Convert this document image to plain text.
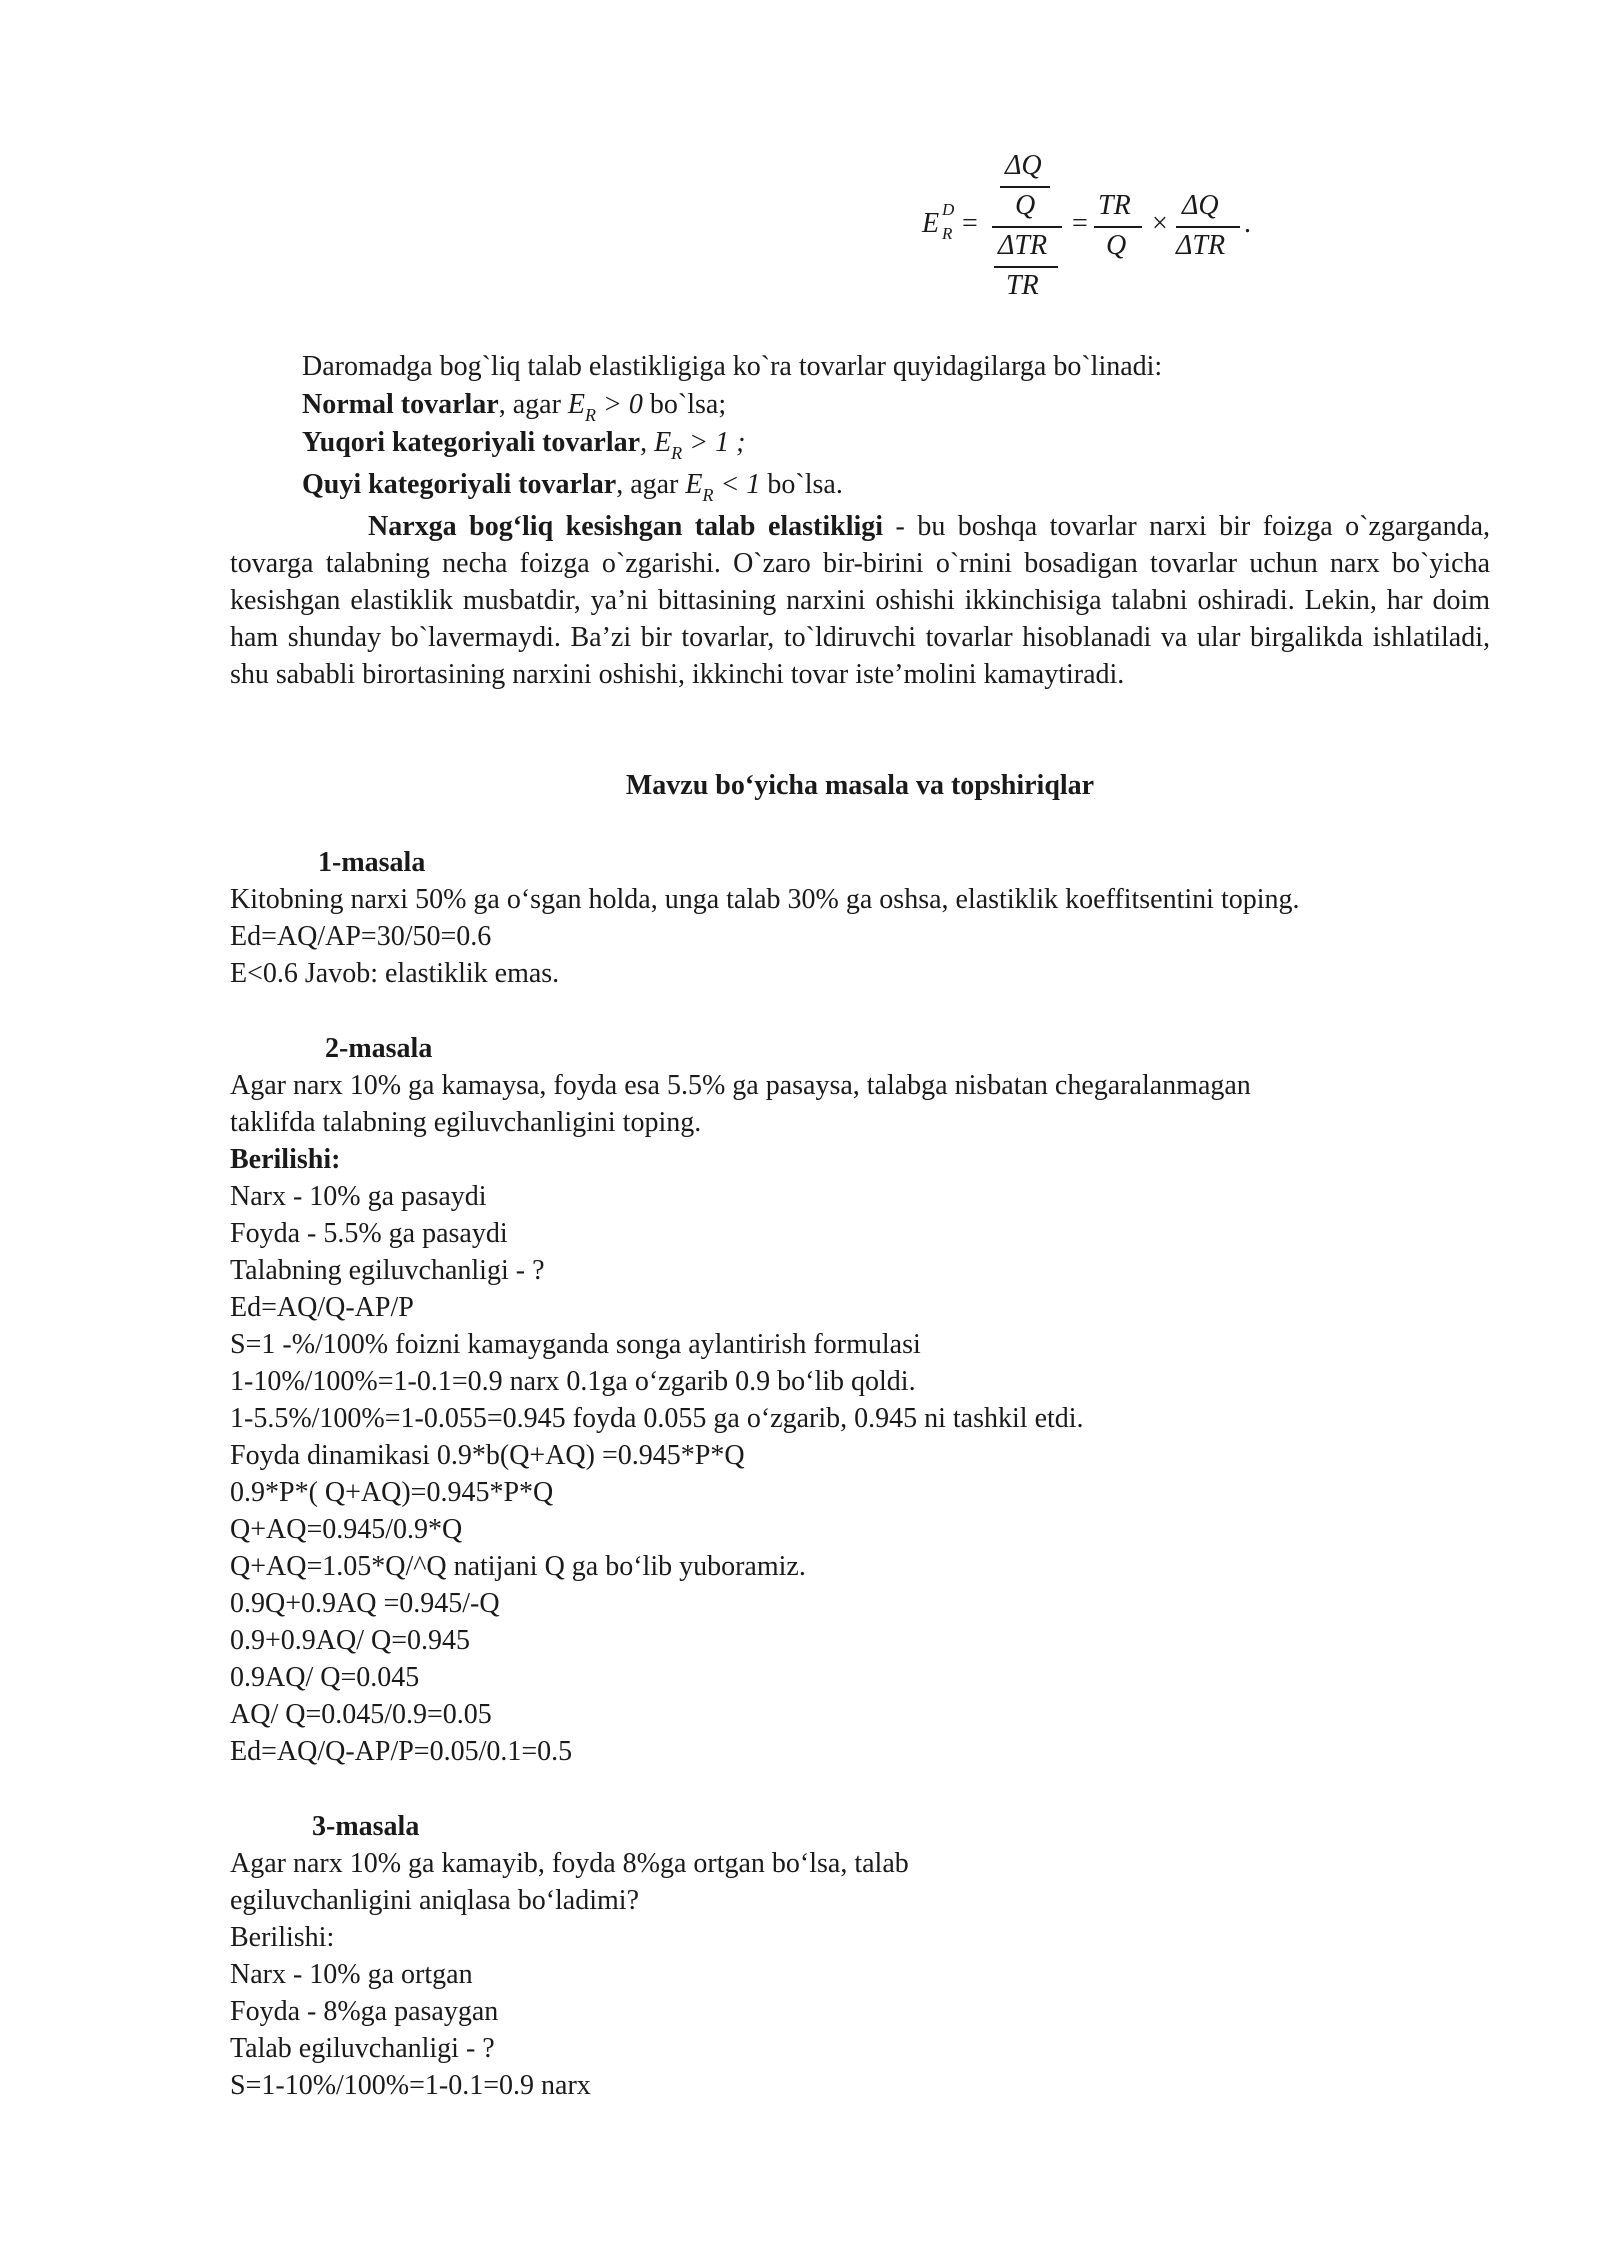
ΔQ
Q
E D
R =
ΔTR
TR
=
TR
Q
×
ΔQ
ΔTR
.
Daromadga bog`liq talab elastikligiga ko`ra tovarlar quyidagilarga bo`linadi:
Normal tovarlar, agar $E_R > 0$ bo`lsa;
Yuqori kategoriyali tovarlar, $E_R > 1$ ;
Quyi kategoriyali tovarlar, agar $E_R < 1$ bo`lsa.
Narxga bog‘liq kesishgan talab elastikligi - bu boshqa tovarlar narxi bir foizga o`zgarganda, tovarga talabning necha foizga o`zgarishi. O`zaro bir-birini o`rnini bosadigan tovarlar uchun narx bo`yicha kesishgan elastiklik musbatdir, yaʼni bittasining narxini oshishi ikkinchisiga talabni oshiradi. Lekin, har doim ham shunday bo`lavermaydi. Baʼzi bir tovarlar, to`ldiruvchi tovarlar hisoblanadi va ular birgalikda ishlatiladi, shu sababli birortasining narxini oshishi, ikkinchi tovar isteʼmolini kamaytiradi.
Mavzu bo‘yicha masala va topshiriqlar
1-masala
Kitobning narxi 50% ga o‘sgan holda, unga talab 30% ga oshsa, elastiklik koeffitsentini toping.
Ed=AQ/AP=30/50=0.6
E<0.6 Javob: elastiklik emas.
2-masala
Agar narx 10% ga kamaysa, foyda esa 5.5% ga pasaysa, talabga nisbatan chegaralanmagan
taklifda talabning egiluvchanligini toping.
Berilishi:
Narx - 10% ga pasaydi
Foyda - 5.5% ga pasaydi
Talabning egiluvchanligi - ?
Ed=AQ/Q-AP/P
S=1 -%/100% foizni kamayganda songa aylantirish formulasi
1-10%/100%=1-0.1=0.9 narx 0.1ga o‘zgarib 0.9 bo‘lib qoldi.
1-5.5%/100%=1-0.055=0.945 foyda 0.055 ga o‘zgarib, 0.945 ni tashkil etdi.
Foyda dinamikasi 0.9*b(Q+AQ) =0.945*P*Q
0.9*P*( Q+AQ)=0.945*P*Q
Q+AQ=0.945/0.9*Q
Q+AQ=1.05*Q/^Q natijani Q ga bo‘lib yuboramiz.
0.9Q+0.9AQ =0.945/-Q
0.9+0.9AQ/ Q=0.945
0.9AQ/ Q=0.045
AQ/ Q=0.045/0.9=0.05
Ed=AQ/Q-AP/P=0.05/0.1=0.5
3-masala
Agar narx 10% ga kamayib, foyda 8%ga ortgan bo‘lsa, talab
egiluvchanligini aniqlasa bo‘ladimi?
Berilishi:
Narx - 10% ga ortgan
Foyda - 8%ga pasaygan
Talab egiluvchanligi - ?
S=1-10%/100%=1-0.1=0.9 narx
